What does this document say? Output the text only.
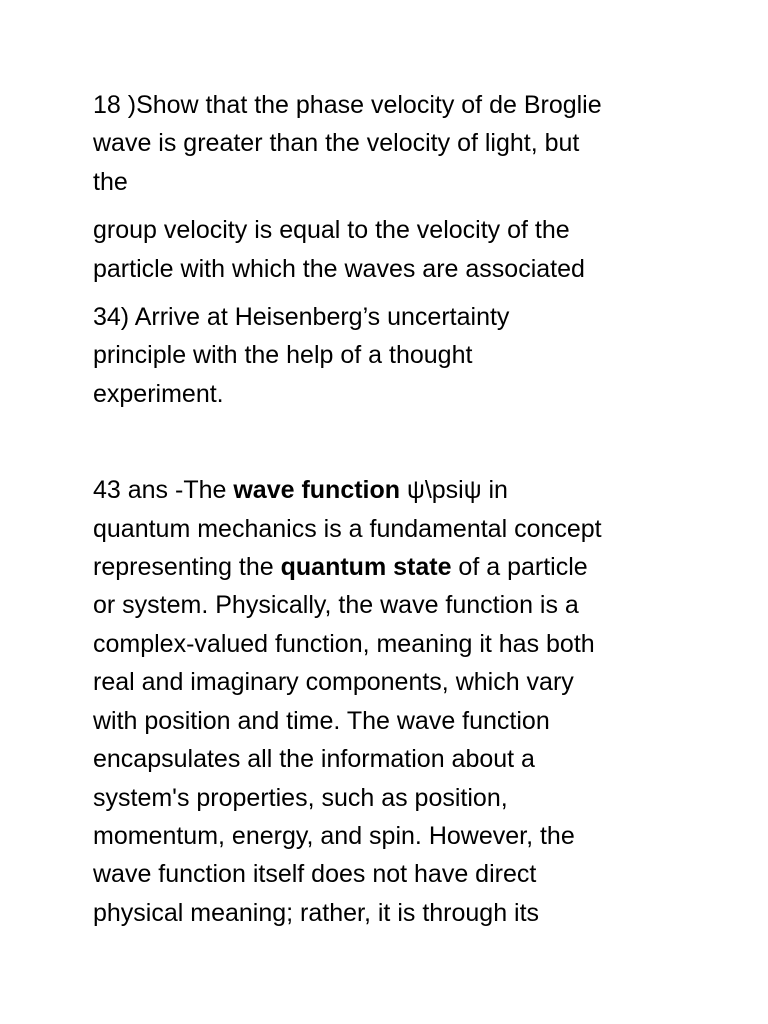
18 )Show that the phase velocity of de Broglie
wave is greater than the velocity of light, but
the

group velocity is equal to the velocity of the
particle with which the waves are associated

34) Arrive at Heisenberg’s uncertainty
principle with the help of a thought
experiment.

43 ans -The wave function ψ\psiψ in
quantum mechanics is a fundamental concept
representing the quantum state of a particle
or system. Physically, the wave function is a
complex-valued function, meaning it has both
real and imaginary components, which vary
with position and time. The wave function
encapsulates all the information about a
system's properties, such as position,
momentum, energy, and spin. However, the
wave function itself does not have direct
physical meaning; rather, it is through its
